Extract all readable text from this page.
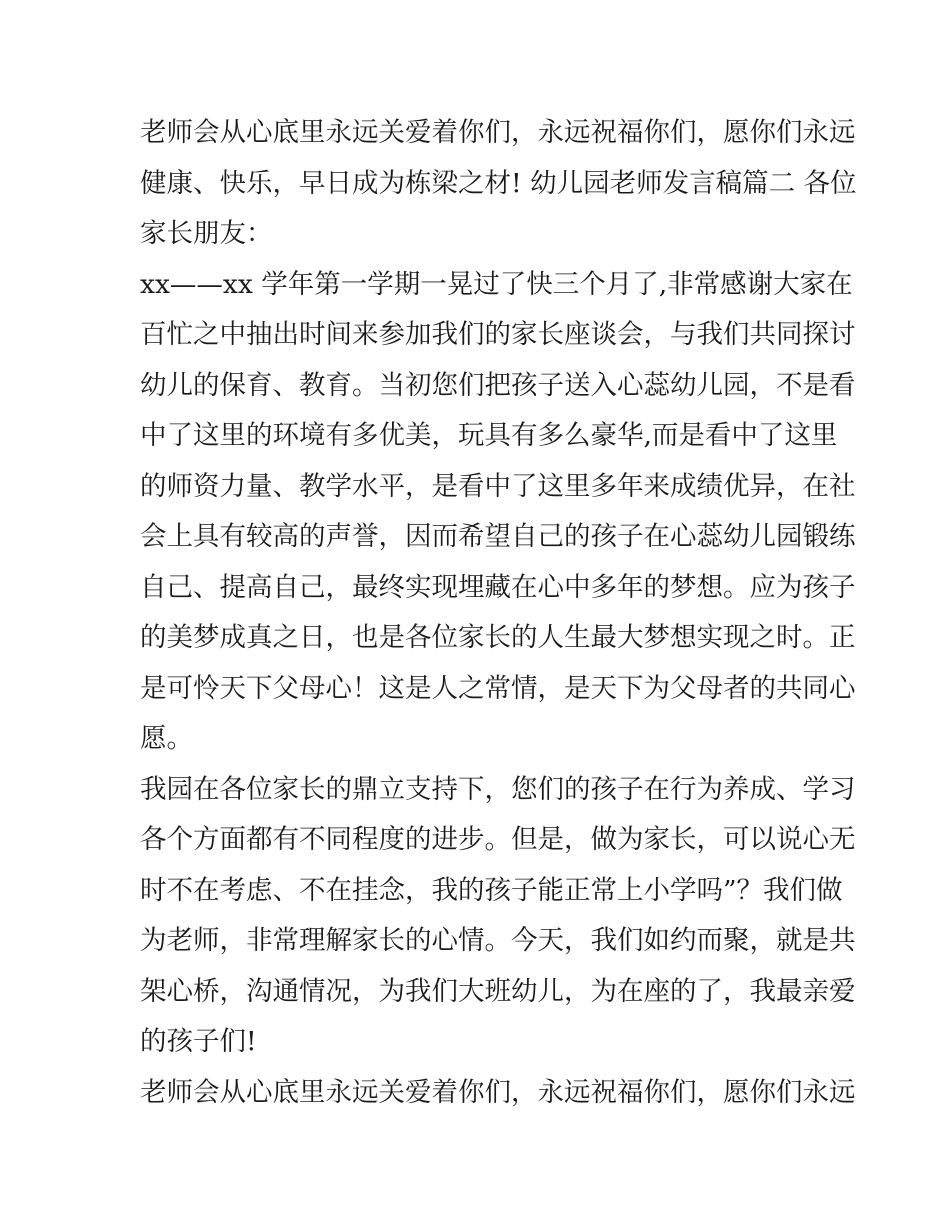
老师会从心底里永远关爱着你们，永远祝福你们，愿你们永远
健康、快乐，早日成为栋梁之材! 幼儿园老师发言稿篇二 各位
家长朋友：
xx——xx 学年第一学期一晃过了快三个月了,非常感谢大家在
百忙之中抽出时间来参加我们的家长座谈会，与我们共同探讨
幼儿的保育、教育。当初您们把孩子送入心蕊幼儿园，不是看
中了这里的环境有多优美，玩具有多么豪华,而是看中了这里
的师资力量、教学水平，是看中了这里多年来成绩优异，在社
会上具有较高的声誉，因而希望自己的孩子在心蕊幼儿园锻练
自己、提高自己，最终实现埋藏在心中多年的梦想。应为孩子
的美梦成真之日，也是各位家长的人生最大梦想实现之时。正
是可怜天下父母心！这是人之常情，是天下为父母者的共同心
愿。
我园在各位家长的鼎立支持下，您们的孩子在行为养成、学习
各个方面都有不同程度的进步。但是，做为家长，可以说心无
时不在考虑、不在挂念，我的孩子能正常上小学吗”？我们做
为老师，非常理解家长的心情。今天，我们如约而聚，就是共
架心桥，沟通情况，为我们大班幼儿，为在座的了，我最亲爱
的孩子们!
老师会从心底里永远关爱着你们，永远祝福你们，愿你们永远
